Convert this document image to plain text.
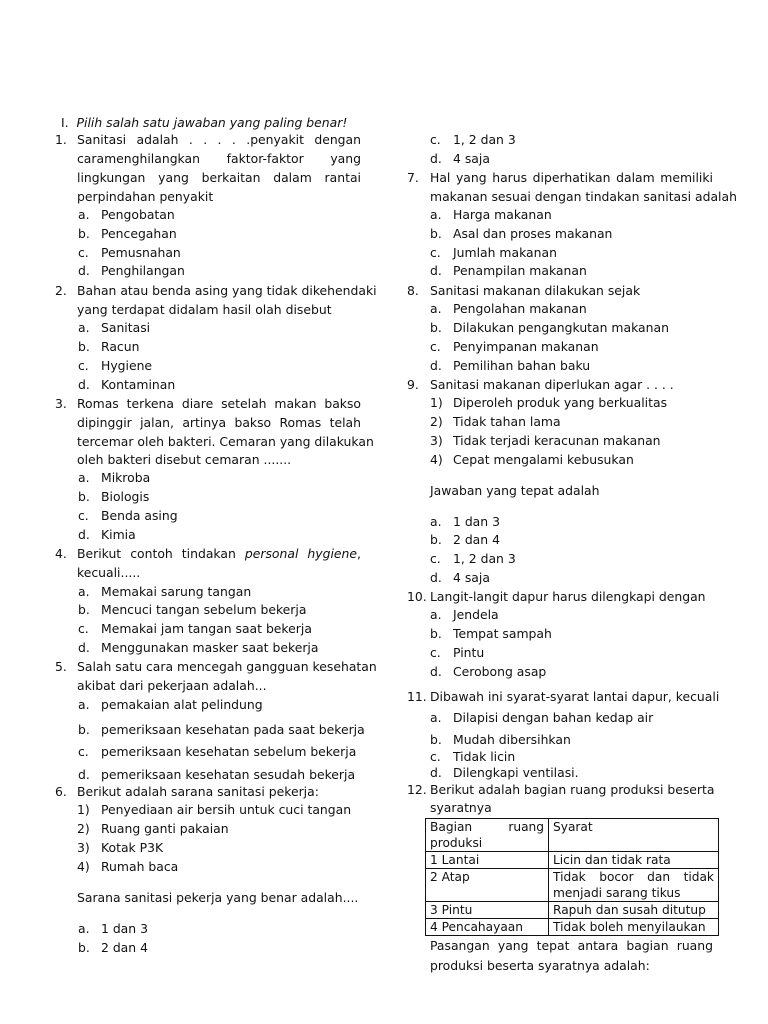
I. Pilih salah satu jawaban yang paling benar!
1. Sanitasi adalah . . . . .penyakit dengan
caramenghilangkan faktor-faktor yang
lingkungan yang berkaitan dalam rantai
perpindahan penyakit
a. Pengobatan
b. Pencegahan
c. Pemusnahan
d. Penghilangan
2. Bahan atau benda asing yang tidak dikehendaki
yang terdapat didalam hasil olah disebut
a. Sanitasi
b. Racun
c. Hygiene
d. Kontaminan
3. Romas terkena diare setelah makan bakso
dipinggir jalan, artinya bakso Romas telah
tercemar oleh bakteri. Cemaran yang dilakukan
oleh bakteri disebut cemaran .......
a. Mikroba
b. Biologis
c. Benda asing
d. Kimia
4. Berikut contoh tindakan personal hygiene,
kecuali.....
a. Memakai sarung tangan
b. Mencuci tangan sebelum bekerja
c. Memakai jam tangan saat bekerja
d. Menggunakan masker saat bekerja
5. Salah satu cara mencegah gangguan kesehatan
akibat dari pekerjaan adalah...
a. pemakaian alat pelindung
b. pemeriksaan kesehatan pada saat bekerja
c. pemeriksaan kesehatan sebelum bekerja
d. pemeriksaan kesehatan sesudah bekerja
6. Berikut adalah sarana sanitasi pekerja:
1) Penyediaan air bersih untuk cuci tangan
2) Ruang ganti pakaian
3) Kotak P3K
4) Rumah baca
Sarana sanitasi pekerja yang benar adalah....
a. 1 dan 3
b. 2 dan 4
c. 1, 2 dan 3
d. 4 saja
7. Hal yang harus diperhatikan dalam memiliki
makanan sesuai dengan tindakan sanitasi adalah
a. Harga makanan
b. Asal dan proses makanan
c. Jumlah makanan
d. Penampilan makanan
8. Sanitasi makanan dilakukan sejak
a. Pengolahan makanan
b. Dilakukan pengangkutan makanan
c. Penyimpanan makanan
d. Pemilihan bahan baku
9. Sanitasi makanan diperlukan agar . . . .
1) Diperoleh produk yang berkualitas
2) Tidak tahan lama
3) Tidak terjadi keracunan makanan
4) Cepat mengalami kebusukan
Jawaban yang tepat adalah
a. 1 dan 3
b. 2 dan 4
c. 1, 2 dan 3
d. 4 saja
10. Langit-langit dapur harus dilengkapi dengan
a. Jendela
b. Tempat sampah
c. Pintu
d. Cerobong asap
11. Dibawah ini syarat-syarat lantai dapur, kecuali
a. Dilapisi dengan bahan kedap air
b. Mudah dibersihkan
c. Tidak licin
d. Dilengkapi ventilasi.
12. Berikut adalah bagian ruang produksi beserta
syaratnya
Bagian ruang produksi	Syarat
1 Lantai	Licin dan tidak rata
2 Atap	Tidak bocor dan tidak menjadi sarang tikus
3 Pintu	Rapuh dan susah ditutup
4 Pencahayaan	Tidak boleh menyilaukan
Pasangan yang tepat antara bagian ruang
produksi beserta syaratnya adalah:
